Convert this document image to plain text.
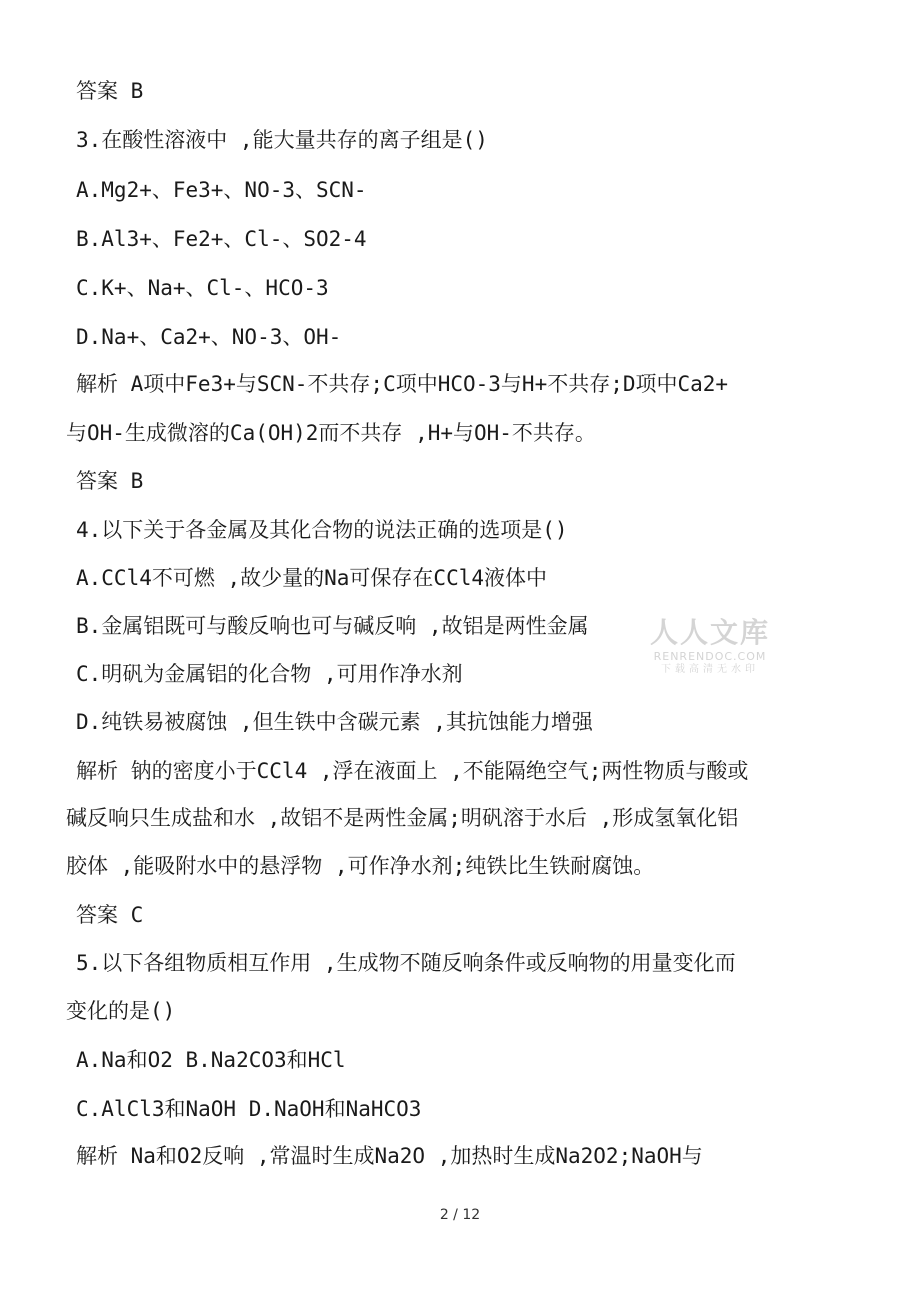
答案 B

3.在酸性溶液中 ,能大量共存的离子组是()

A.Mg2+、Fe3+、NO-3、SCN-

B.Al3+、Fe2+、Cl-、SO2-4

C.K+、Na+、Cl-、HCO-3

D.Na+、Ca2+、NO-3、OH-

解析 A项中Fe3+与SCN-不共存;C项中HCO-3与H+不共存;D项中Ca2+

与OH-生成微溶的Ca(OH)2而不共存 ,H+与OH-不共存。

答案 B

4.以下关于各金属及其化合物的说法正确的选项是()

A.CCl4不可燃 ,故少量的Na可保存在CCl4液体中

B.金属铝既可与酸反响也可与碱反响 ,故铝是两性金属

C.明矾为金属铝的化合物 ,可用作净水剂

D.纯铁易被腐蚀 ,但生铁中含碳元素 ,其抗蚀能力增强

解析 钠的密度小于CCl4 ,浮在液面上 ,不能隔绝空气;两性物质与酸或

碱反响只生成盐和水 ,故铝不是两性金属;明矾溶于水后 ,形成氢氧化铝

胶体 ,能吸附水中的悬浮物 ,可作净水剂;纯铁比生铁耐腐蚀。

答案 C

5.以下各组物质相互作用 ,生成物不随反响条件或反响物的用量变化而

变化的是()

A.Na和O2 B.Na2CO3和HCl

C.AlCl3和NaOH D.NaOH和NaHCO3

解析 Na和O2反响 ,常温时生成Na2O ,加热时生成Na2O2;NaOH与

人人文库
RENRENDOC.COM
下载高清无水印
2 / 12
